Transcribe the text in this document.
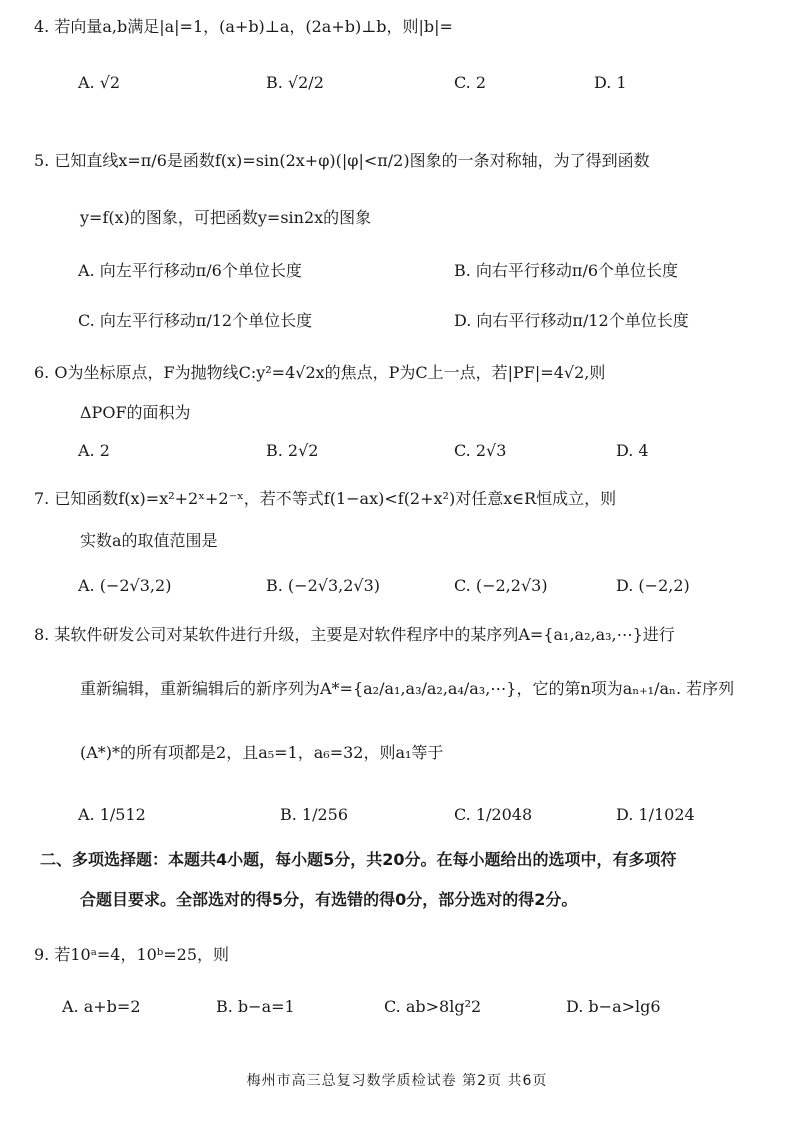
4. 若向量a,b满足|a|=1，(a+b)⊥a，(2a+b)⊥b，则|b|=
A. √2	B. √2/2	C. 2	D. 1
5. 已知直线x=π/6是函数f(x)=sin(2x+φ)(|φ|<π/2)图象的一条对称轴，为了得到函数
y=f(x)的图象，可把函数y=sin2x的图象
A. 向左平行移动π/6个单位长度	B. 向右平行移动π/6个单位长度
C. 向左平行移动π/12个单位长度	D. 向右平行移动π/12个单位长度
6. O为坐标原点，F为抛物线C:y²=4√2x的焦点，P为C上一点，若|PF|=4√2,则
ΔPOF的面积为
A. 2	B. 2√2	C. 2√3	D. 4
7. 已知函数f(x)=x²+2ˣ+2⁻ˣ，若不等式f(1−ax)<f(2+x²)对任意x∈R恒成立，则
实数a的取值范围是
A. (−2√3,2)	B. (−2√3,2√3)	C. (−2,2√3)	D. (−2,2)
8. 某软件研发公司对某软件进行升级，主要是对软件程序中的某序列A={a₁,a₂,a₃,⋯}进行
重新编辑，重新编辑后的新序列为A*={a₂/a₁,a₃/a₂,a₄/a₃,⋯}，它的第n项为aₙ₊₁/aₙ. 若序列
(A*)*的所有项都是2，且a₅=1，a₆=32，则a₁等于
A. 1/512	B. 1/256	C. 1/2048	D. 1/1024
二、多项选择题：本题共4小题，每小题5分，共20分。在每小题给出的选项中，有多项符
合题目要求。全部选对的得5分，有选错的得0分，部分选对的得2分。
9. 若10ᵃ=4，10ᵇ=25，则
A. a+b=2	B. b−a=1	C. ab>8lg²2	D. b−a>lg6
梅州市高三总复习数学质检试卷 第2页 共6页
